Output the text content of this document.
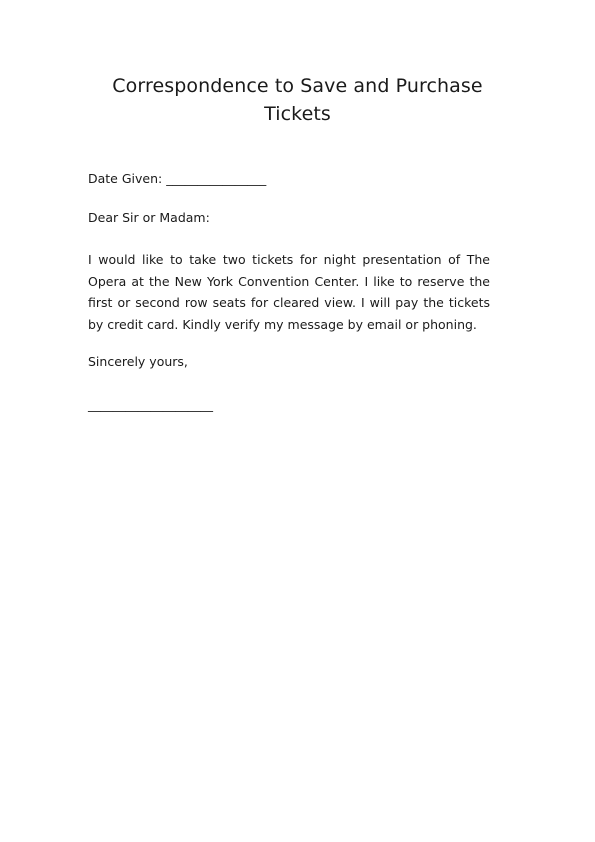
Correspondence to Save and Purchase
Tickets
Date Given: ________________
Dear Sir or Madam:

I would like to take two tickets for night presentation of The Opera at the New York Convention Center. I like to reserve the first or second row seats for cleared view. I will pay the tickets by credit card. Kindly verify my message by email or phoning.

Sincerely yours,
____________________
